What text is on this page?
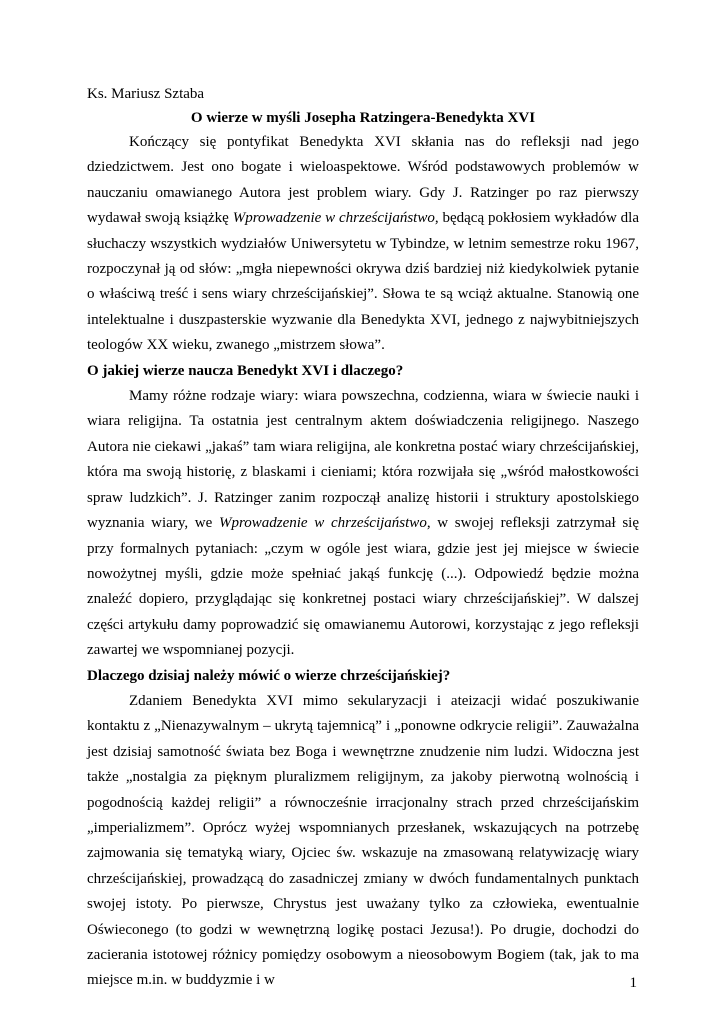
Ks. Mariusz Sztaba

O wierze w myśli Josepha Ratzingera-Benedykta XVI

Kończący się pontyfikat Benedykta XVI skłania nas do refleksji nad jego dziedzictwem. Jest ono bogate i wieloaspektowe. Wśród podstawowych problemów w nauczaniu omawianego Autora jest problem wiary. Gdy J. Ratzinger po raz pierwszy wydawał swoją książkę Wprowadzenie w chrześcijaństwo, będącą pokłosiem wykładów dla słuchaczy wszystkich wydziałów Uniwersytetu w Tybindze, w letnim semestrze roku 1967, rozpoczynał ją od słów: „mgła niepewności okrywa dziś bardziej niż kiedykolwiek pytanie o właściwą treść i sens wiary chrześcijańskiej”. Słowa te są wciąż aktualne. Stanowią one intelektualne i duszpasterskie wyzwanie dla Benedykta XVI, jednego z najwybitniejszych teologów XX wieku, zwanego „mistrzem słowa”.

O jakiej wierze naucza Benedykt XVI i dlaczego?

Mamy różne rodzaje wiary: wiara powszechna, codzienna, wiara w świecie nauki i wiara religijna. Ta ostatnia jest centralnym aktem doświadczenia religijnego. Naszego Autora nie ciekawi „jakaś” tam wiara religijna, ale konkretna postać wiary chrześcijańskiej, która ma swoją historię, z blaskami i cieniami; która rozwijała się „wśród małostkowości spraw ludzkich”. J. Ratzinger zanim rozpoczął analizę historii i struktury apostolskiego wyznania wiary, we Wprowadzenie w chrześcijaństwo, w swojej refleksji zatrzymał się przy formalnych pytaniach: „czym w ogóle jest wiara, gdzie jest jej miejsce w świecie nowożytnej myśli, gdzie może spełniać jakąś funkcję (...). Odpowiedź będzie można znaleźć dopiero, przyglądając się konkretnej postaci wiary chrześcijańskiej”. W dalszej części artykułu damy poprowadzić się omawianemu Autorowi, korzystając z jego refleksji zawartej we wspomnianej pozycji.

Dlaczego dzisiaj należy mówić o wierze chrześcijańskiej?

Zdaniem Benedykta XVI mimo sekularyzacji i ateizacji widać poszukiwanie kontaktu z „Nienazywalnym – ukrytą tajemnicą” i „ponowne odkrycie religii”. Zauważalna jest dzisiaj samotność świata bez Boga i wewnętrzne znudzenie nim ludzi. Widoczna jest także „nostalgia za pięknym pluralizmem religijnym, za jakoby pierwotną wolnością i pogodnością każdej religii” a równocześnie irracjonalny strach przed chrześcijańskim „imperializmem”. Oprócz wyżej wspomnianych przesłanek, wskazujących na potrzebę zajmowania się tematyką wiary, Ojciec św. wskazuje na zmasowaną relatywizację wiary chrześcijańskiej, prowadzącą do zasadniczej zmiany w dwóch fundamentalnych punktach swojej istoty. Po pierwsze, Chrystus jest uważany tylko za człowieka, ewentualnie Oświeconego (to godzi w wewnętrzną logikę postaci Jezusa!). Po drugie, dochodzi do zacierania istotowej różnicy pomiędzy osobowym a nieosobowym Bogiem (tak, jak to ma miejsce m.in. w buddyzmie i w	1
